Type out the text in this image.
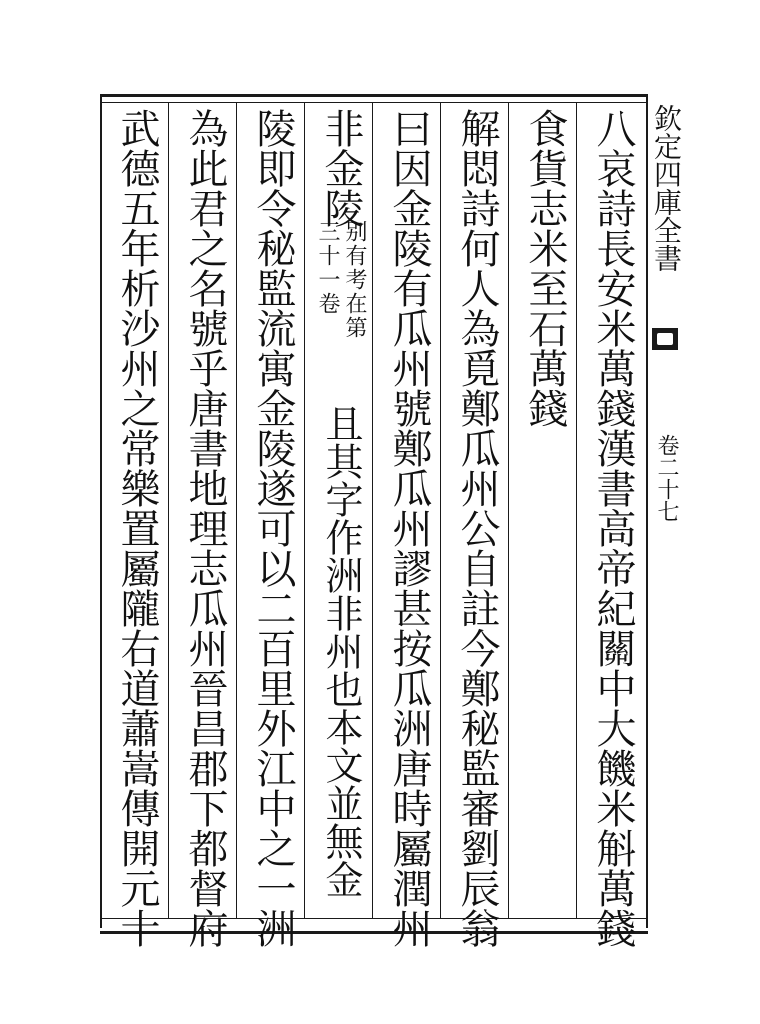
欽定四庫全書
卷二十七
八哀詩長安米萬錢漢書高帝紀關中大饑米斛萬錢
食貨志米至石萬錢
解悶詩何人為覓鄭瓜州公自註今鄭秘監審劉辰翁
曰因金陵有瓜州號鄭瓜州謬甚按瓜洲唐時屬潤州
非金陵
别有考在第
三十一卷
且其字作洲非州也本文並無金
陵即令秘監流寓金陵遂可以二百里外江中之一洲
為此君之名號乎唐書地理志瓜州晉昌郡下都督府
武德五年析沙州之常樂置屬隴右道蕭嵩傳開元十
